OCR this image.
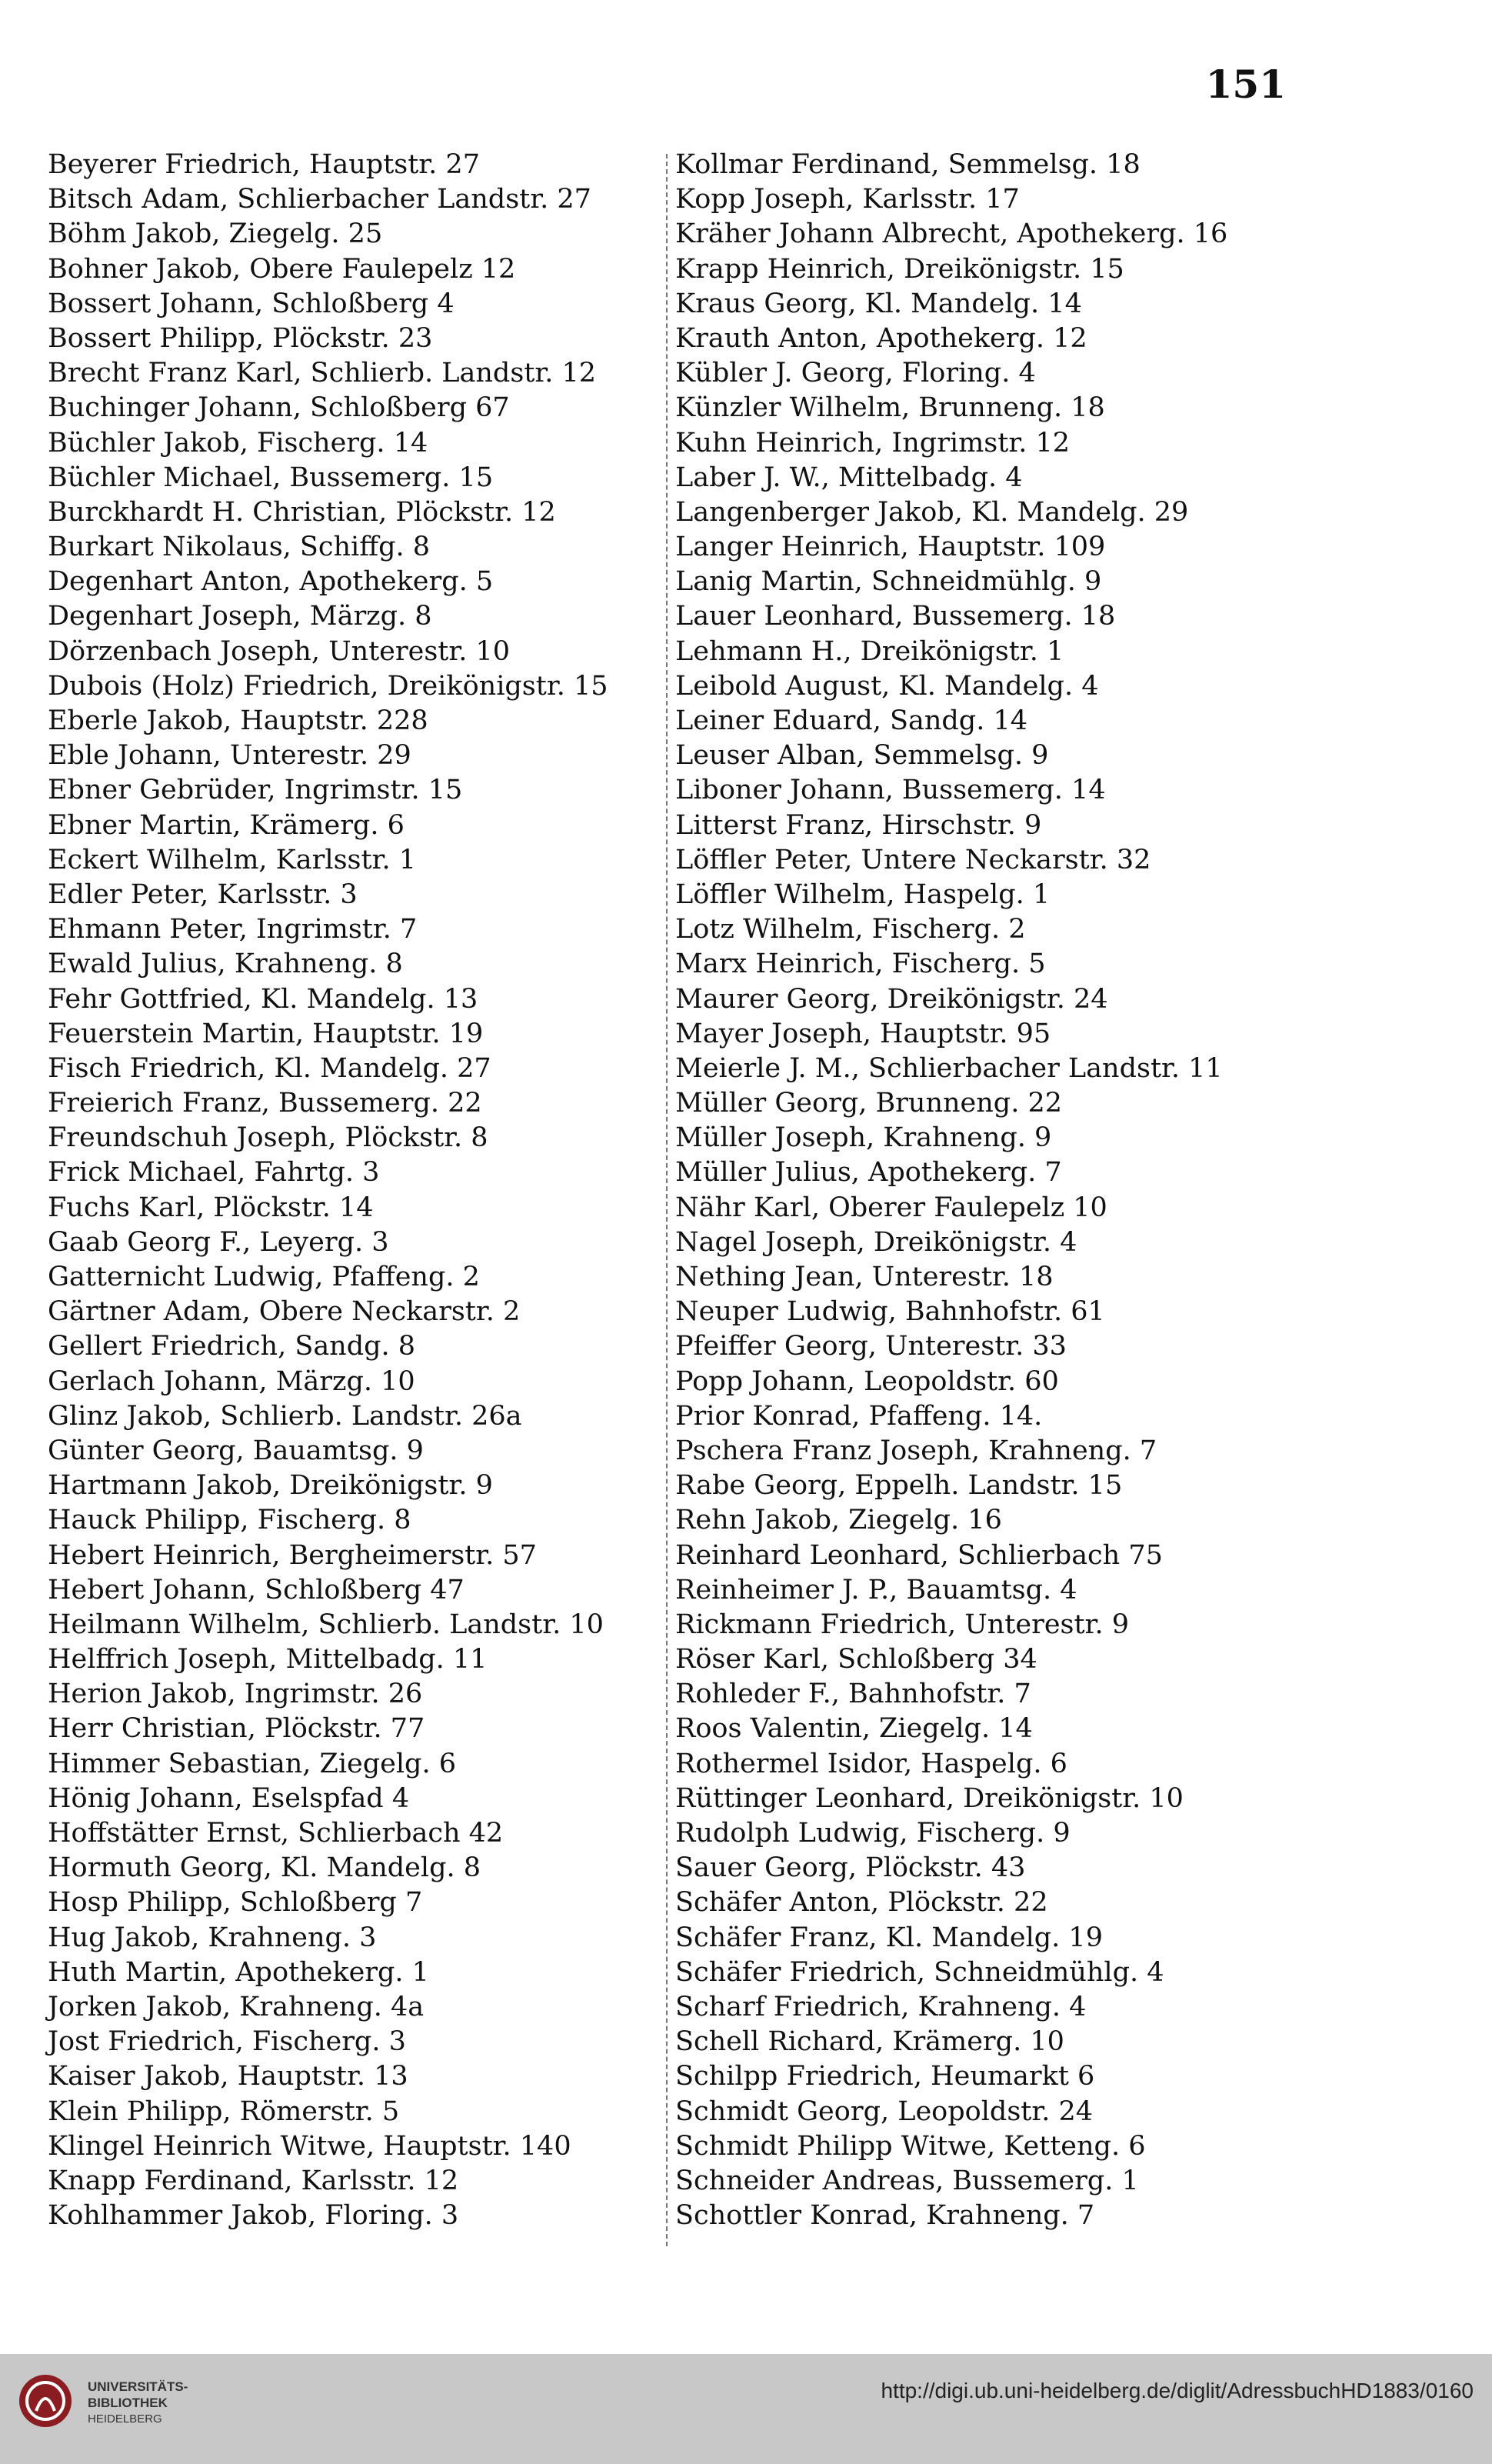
151
Beyerer Friedrich, Hauptstr. 27
Bitsch Adam, Schlierbacher Landstr. 27
Böhm Jakob, Ziegelg. 25
Bohner Jakob, Obere Faulepelz 12
Bossert Johann, Schloßberg 4
Bossert Philipp, Plöckstr. 23
Brecht Franz Karl, Schlierb. Landstr. 12
Buchinger Johann, Schloßberg 67
Büchler Jakob, Fischerg. 14
Büchler Michael, Bussemerg. 15
Burckhardt H. Christian, Plöckstr. 12
Burkart Nikolaus, Schiffg. 8
Degenhart Anton, Apothekerg. 5
Degenhart Joseph, Märzg. 8
Dörzenbach Joseph, Unterestr. 10
Dubois (Holz) Friedrich, Dreikönigstr. 15
Eberle Jakob, Hauptstr. 228
Eble Johann, Unterestr. 29
Ebner Gebrüder, Ingrimstr. 15
Ebner Martin, Krämerg. 6
Eckert Wilhelm, Karlsstr. 1
Edler Peter, Karlsstr. 3
Ehmann Peter, Ingrimstr. 7
Ewald Julius, Krahneng. 8
Fehr Gottfried, Kl. Mandelg. 13
Feuerstein Martin, Hauptstr. 19
Fisch Friedrich, Kl. Mandelg. 27
Freierich Franz, Bussemerg. 22
Freundschuh Joseph, Plöckstr. 8
Frick Michael, Fahrtg. 3
Fuchs Karl, Plöckstr. 14
Gaab Georg F., Leyerg. 3
Gatternicht Ludwig, Pfaffeng. 2
Gärtner Adam, Obere Neckarstr. 2
Gellert Friedrich, Sandg. 8
Gerlach Johann, Märzg. 10
Glinz Jakob, Schlierb. Landstr. 26a
Günter Georg, Bauamtsg. 9
Hartmann Jakob, Dreikönigstr. 9
Hauck Philipp, Fischerg. 8
Hebert Heinrich, Bergheimerstr. 57
Hebert Johann, Schloßberg 47
Heilmann Wilhelm, Schlierb. Landstr. 10
Helffrich Joseph, Mittelbadg. 11
Herion Jakob, Ingrimstr. 26
Herr Christian, Plöckstr. 77
Himmer Sebastian, Ziegelg. 6
Hönig Johann, Eselspfad 4
Hoffstätter Ernst, Schlierbach 42
Hormuth Georg, Kl. Mandelg. 8
Hosp Philipp, Schloßberg 7
Hug Jakob, Krahneng. 3
Huth Martin, Apothekerg. 1
Jorken Jakob, Krahneng. 4a
Jost Friedrich, Fischerg. 3
Kaiser Jakob, Hauptstr. 13
Klein Philipp, Römerstr. 5
Klingel Heinrich Witwe, Hauptstr. 140
Knapp Ferdinand, Karlsstr. 12
Kohlhammer Jakob, Floring. 3
Kollmar Ferdinand, Semmelsg. 18
Kopp Joseph, Karlsstr. 17
Kräher Johann Albrecht, Apothekerg. 16
Krapp Heinrich, Dreikönigstr. 15
Kraus Georg, Kl. Mandelg. 14
Krauth Anton, Apothekerg. 12
Kübler J. Georg, Floring. 4
Künzler Wilhelm, Brunneng. 18
Kuhn Heinrich, Ingrimstr. 12
Laber J. W., Mittelbadg. 4
Langenberger Jakob, Kl. Mandelg. 29
Langer Heinrich, Hauptstr. 109
Lanig Martin, Schneidmühlg. 9
Lauer Leonhard, Bussemerg. 18
Lehmann H., Dreikönigstr. 1
Leibold August, Kl. Mandelg. 4
Leiner Eduard, Sandg. 14
Leuser Alban, Semmelsg. 9
Liboner Johann, Bussemerg. 14
Litterst Franz, Hirschstr. 9
Löffler Peter, Untere Neckarstr. 32
Löffler Wilhelm, Haspelg. 1
Lotz Wilhelm, Fischerg. 2
Marx Heinrich, Fischerg. 5
Maurer Georg, Dreikönigstr. 24
Mayer Joseph, Hauptstr. 95
Meierle J. M., Schlierbacher Landstr. 11
Müller Georg, Brunneng. 22
Müller Joseph, Krahneng. 9
Müller Julius, Apothekerg. 7
Nähr Karl, Oberer Faulepelz 10
Nagel Joseph, Dreikönigstr. 4
Nething Jean, Unterestr. 18
Neuper Ludwig, Bahnhofstr. 61
Pfeiffer Georg, Unterestr. 33
Popp Johann, Leopoldstr. 60
Prior Konrad, Pfaffeng. 14.
Pschera Franz Joseph, Krahneng. 7
Rabe Georg, Eppelh. Landstr. 15
Rehn Jakob, Ziegelg. 16
Reinhard Leonhard, Schlierbach 75
Reinheimer J. P., Bauamtsg. 4
Rickmann Friedrich, Unterestr. 9
Röser Karl, Schloßberg 34
Rohleder F., Bahnhofstr. 7
Roos Valentin, Ziegelg. 14
Rothermel Isidor, Haspelg. 6
Rüttinger Leonhard, Dreikönigstr. 10
Rudolph Ludwig, Fischerg. 9
Sauer Georg, Plöckstr. 43
Schäfer Anton, Plöckstr. 22
Schäfer Franz, Kl. Mandelg. 19
Schäfer Friedrich, Schneidmühlg. 4
Scharf Friedrich, Krahneng. 4
Schell Richard, Krämerg. 10
Schilpp Friedrich, Heumarkt 6
Schmidt Georg, Leopoldstr. 24
Schmidt Philipp Witwe, Ketteng. 6
Schneider Andreas, Bussemerg. 1
Schottler Konrad, Krahneng. 7
UNIVERSITÄTS-
BIBLIOTHEK
HEIDELBERG
http://digi.ub.uni-heidelberg.de/diglit/AdressbuchHD1883/0160
